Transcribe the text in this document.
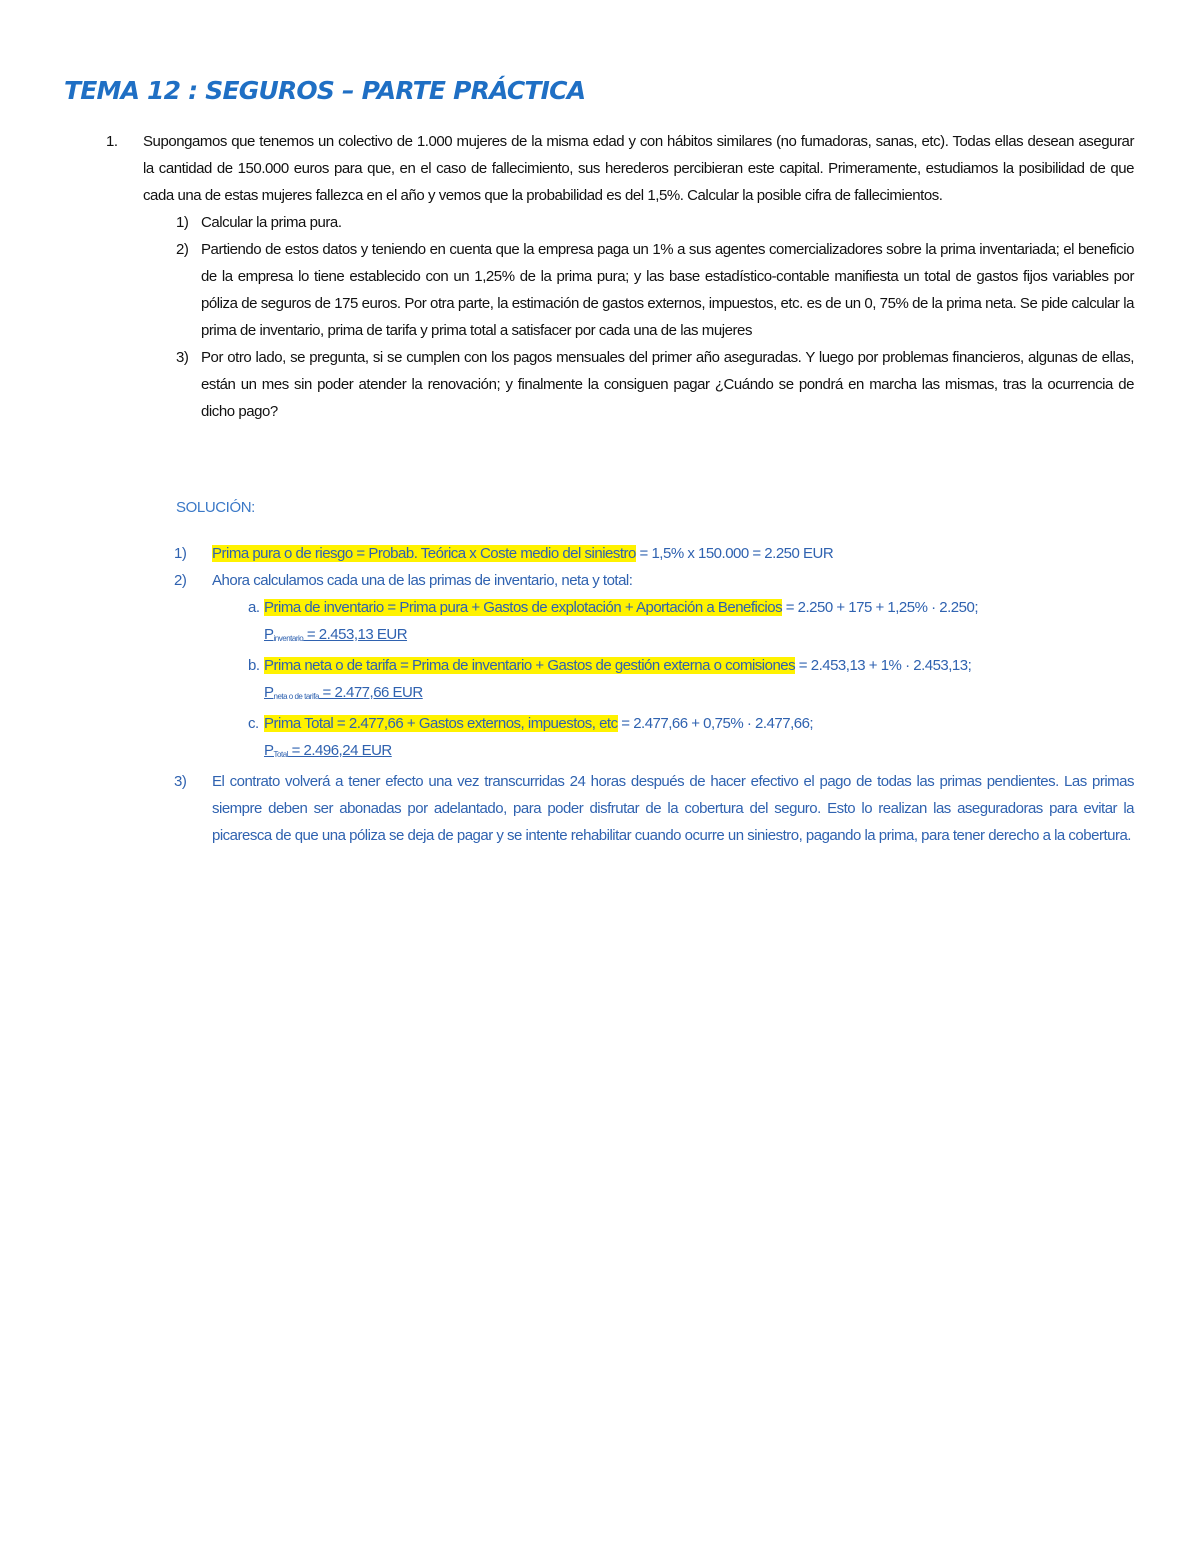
TEMA 12 : SEGUROS – PARTE PRÁCTICA
1. Supongamos que tenemos un colectivo de 1.000 mujeres de la misma edad y con hábitos similares (no fumadoras, sanas, etc). Todas ellas desean asegurar la cantidad de 150.000 euros para que, en el caso de fallecimiento, sus herederos percibieran este capital. Primeramente, estudiamos la posibilidad de que cada una de estas mujeres fallezca en el año y vemos que la probabilidad es del 1,5%. Calcular la posible cifra de fallecimientos.
1) Calcular la prima pura.
2) Partiendo de estos datos y teniendo en cuenta que la empresa paga un 1% a sus agentes comercializadores sobre la prima inventariada; el beneficio de la empresa lo tiene establecido con un 1,25% de la prima pura; y las base estadístico-contable manifiesta un total de gastos fijos variables por póliza de seguros de 175 euros. Por otra parte, la estimación de gastos externos, impuestos, etc. es de un 0, 75% de la prima neta. Se pide calcular la prima de inventario, prima de tarifa y prima total a satisfacer por cada una de las mujeres
3) Por otro lado, se pregunta, si se cumplen con los pagos mensuales del primer año aseguradas. Y luego por problemas financieros, algunas de ellas, están un mes sin poder atender la renovación; y finalmente la consiguen pagar ¿Cuándo se pondrá en marcha las mismas, tras la ocurrencia de dicho pago?
SOLUCIÓN:
1) Prima pura o de riesgo = Probab. Teórica x Coste medio del siniestro = 1,5% x 150.000 = 2.250 EUR
2) Ahora calculamos cada una de las primas de inventario, neta y total:
a. Prima de inventario = Prima pura + Gastos de explotación + Aportación a Beneficios = 2.250 + 175 + 1,25% · 2.250;
$P_{inventario} = 2.453,13$ EUR
b. Prima neta o de tarifa = Prima de inventario + Gastos de gestión externa o comisiones = 2.453,13 + 1% · 2.453,13;
$P_{neta o de tarifa} = 2.477,66$ EUR
c. Prima Total = 2.477,66 + Gastos externos, impuestos, etc = 2.477,66 + 0,75% · 2.477,66;
$P_{Total} = 2.496,24$ EUR
3) El contrato volverá a tener efecto una vez transcurridas 24 horas después de hacer efectivo el pago de todas las primas pendientes. Las primas siempre deben ser abonadas por adelantado, para poder disfrutar de la cobertura del seguro. Esto lo realizan las aseguradoras para evitar la picaresca de que una póliza se deja de pagar y se intente rehabilitar cuando ocurre un siniestro, pagando la prima, para tener derecho a la cobertura.
